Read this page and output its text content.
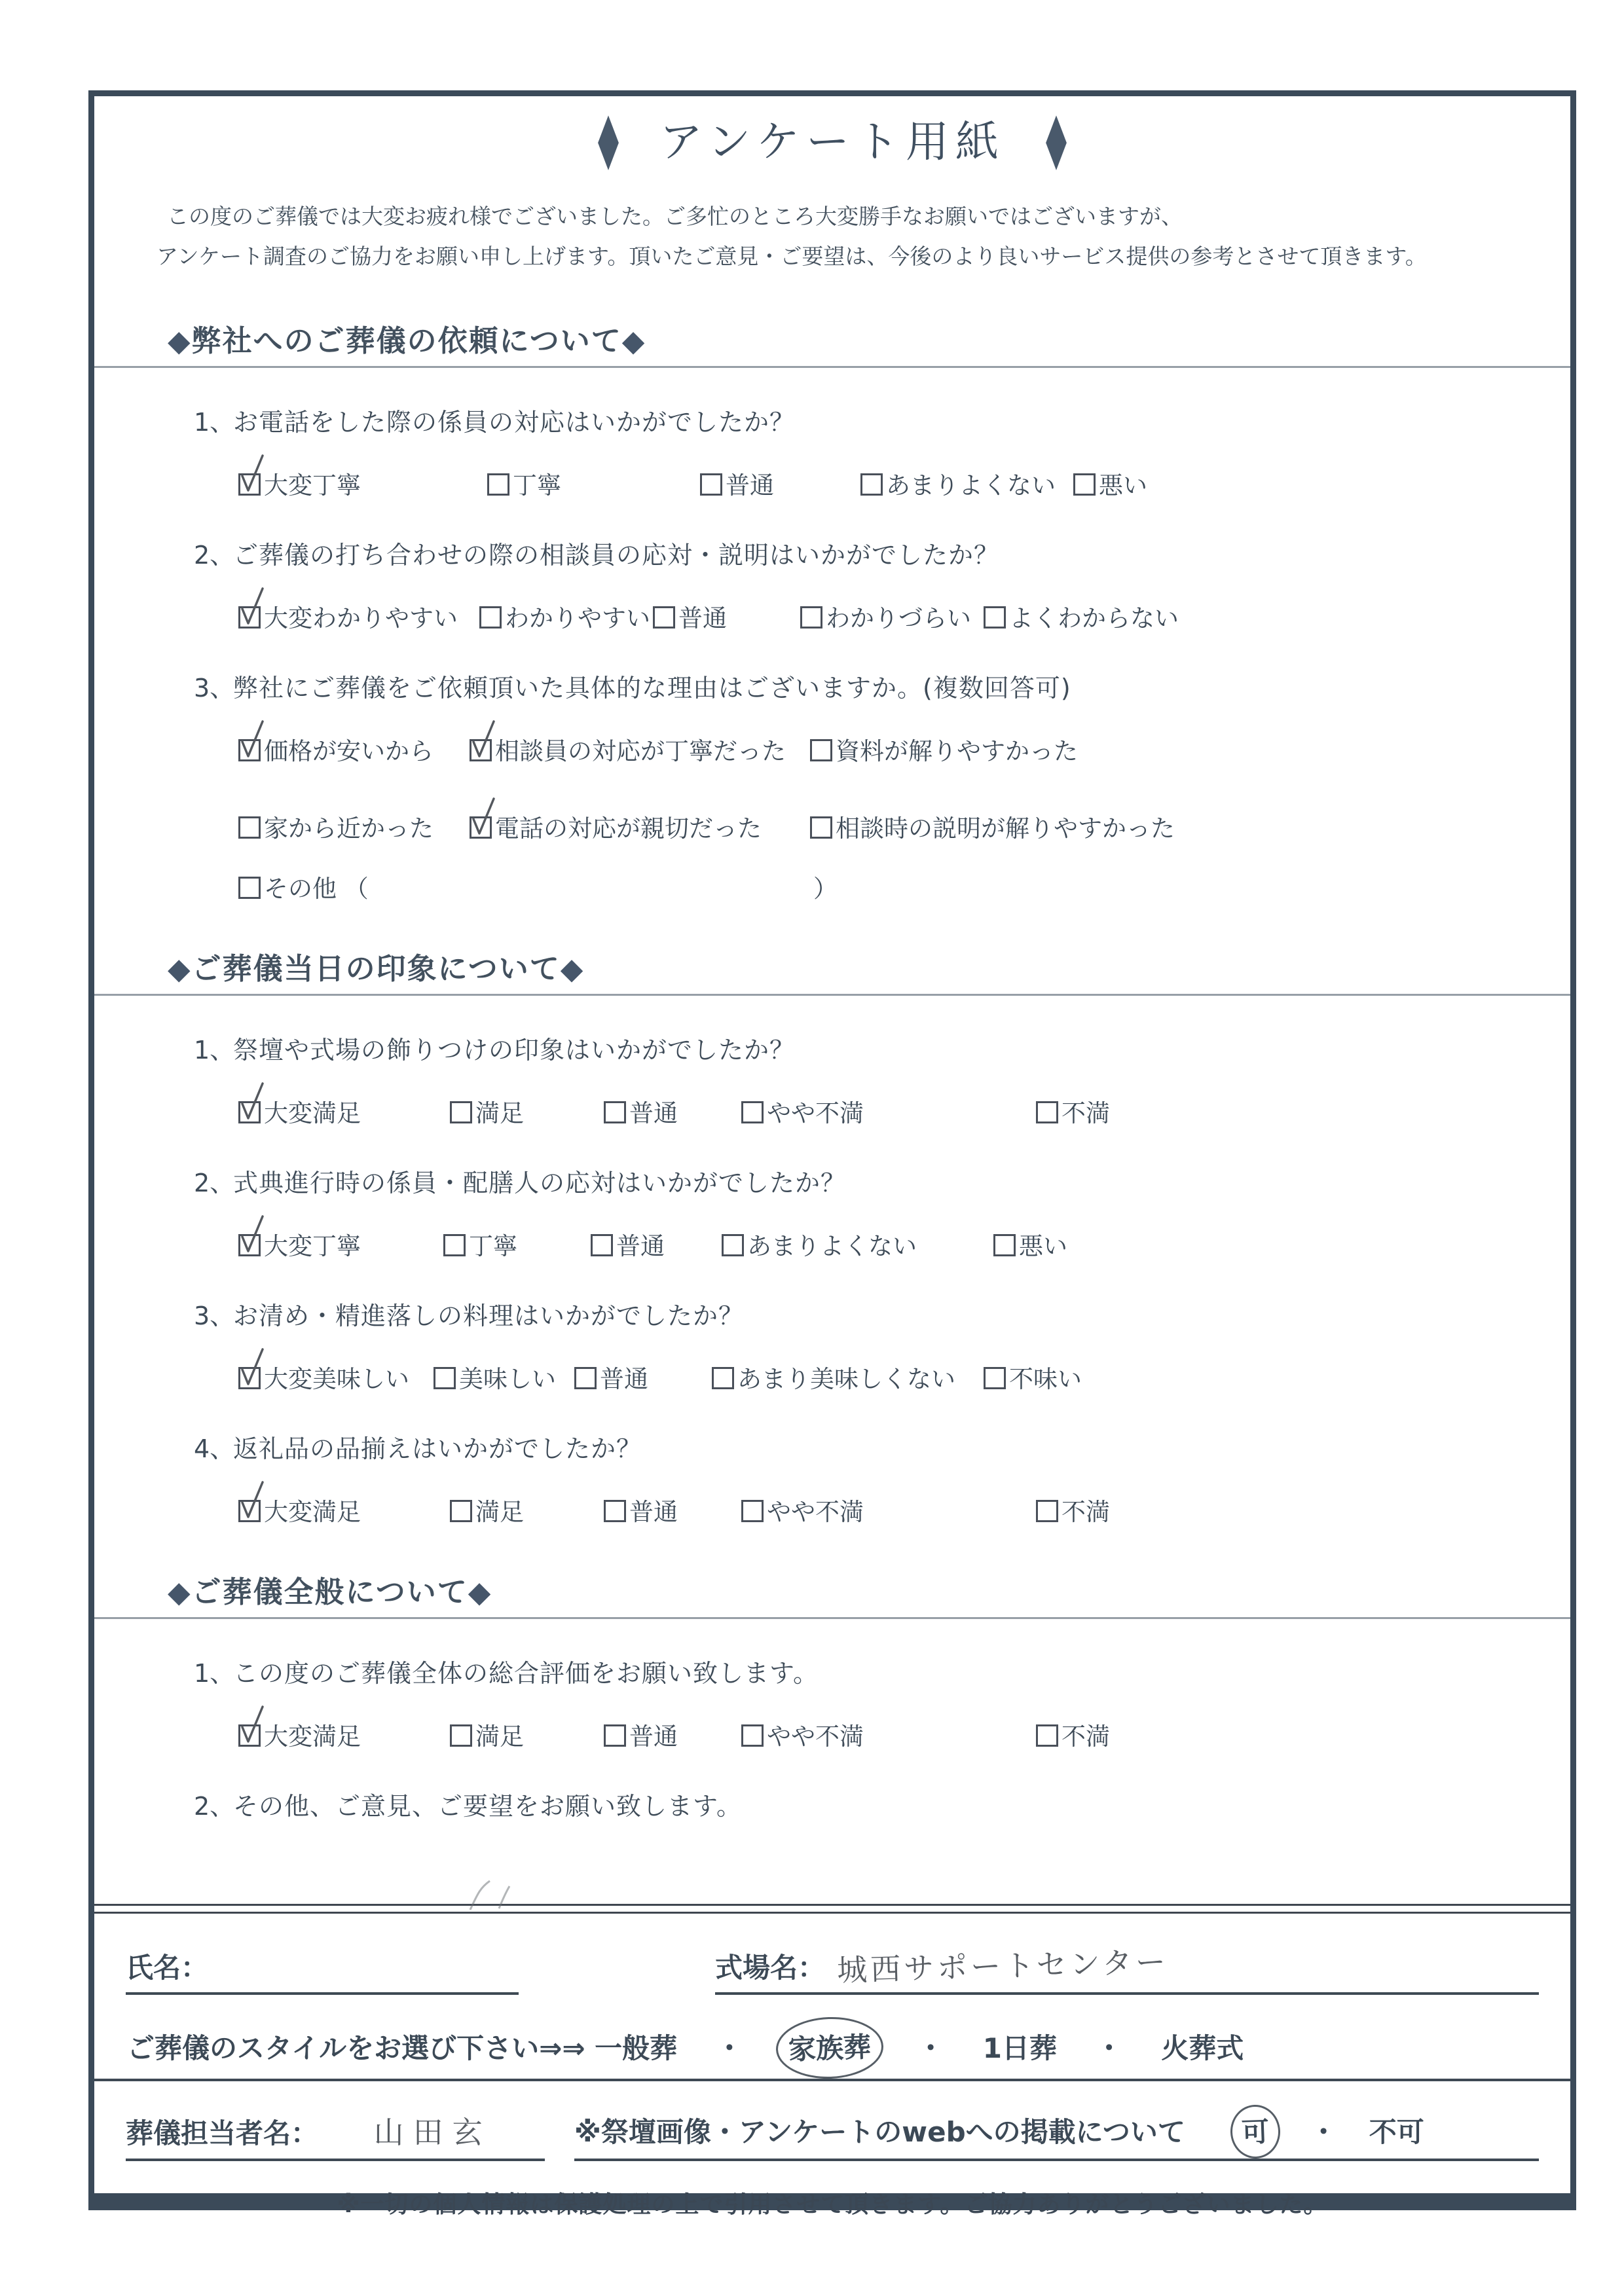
◆ アンケート用紙 ◆
この度のご葬儀では大変お疲れ様でございました。ご多忙のところ大変勝手なお願いではございますが、
アンケート調査のご協力をお願い申し上げます。頂いたご意見・ご要望は、今後のより良いサービス提供の参考とさせて頂きます。
◆弊社へのご葬儀の依頼について◆
1、
お電話をした際の係員の対応はいかがでしたか？
大変丁寧	丁寧	普通	あまりよくない	悪い
2、
ご葬儀の打ち合わせの際の相談員の応対・説明はいかがでしたか？
大変わかりやすい	わかりやすい	普通	わかりづらい	よくわからない
3、
弊社にご葬儀をご依頼頂いた具体的な理由はございますか。(複数回答可)
価格が安いから	相談員の対応が丁寧だった	資料が解りやすかった
家から近かった	電話の対応が親切だった	相談時の説明が解りやすかった
その他 （	）
◆ご葬儀当日の印象について◆
1、
祭壇や式場の飾りつけの印象はいかがでしたか？
大変満足	満足	普通	やや不満	不満
2、
式典進行時の係員・配膳人の応対はいかがでしたか？
大変丁寧	丁寧	普通	あまりよくない	悪い
3、
お清め・精進落しの料理はいかがでしたか？
大変美味しい	美味しい	普通	あまり美味しくない	不味い
4、
返礼品の品揃えはいかがでしたか？
大変満足	満足	普通	やや不満	不満
◆ご葬儀全般について◆
1、
この度のご葬儀全体の総合評価をお願い致します。
大変満足	満足	普通	やや不満	不満
2、
その他、ご意見、ご要望をお願い致します。
氏名：	式場名： 城西サポートセンター
ご葬儀のスタイルをお選び下さい⇒⇒ 一般葬 ・ 家族葬 ・ 1日葬 ・ 火葬式
葬儀担当者名： 山田玄	※祭壇画像・アンケートのwebへの掲載について 可 ・ 不可
※一切の個人情報は保護処理の上で引用させて頂きます。ご協力ありがとうございました。
